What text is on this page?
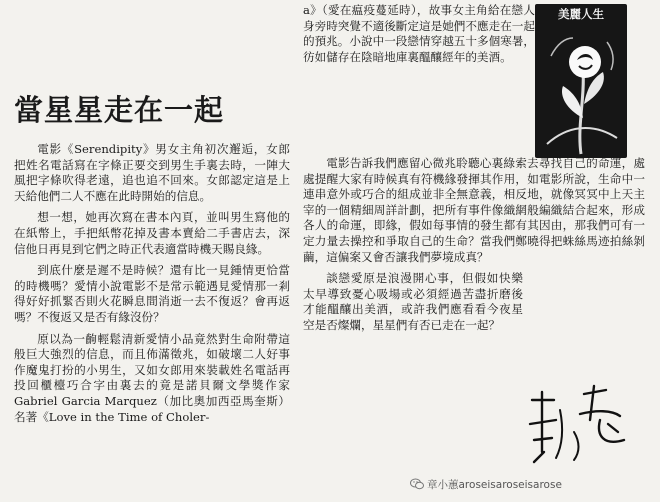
美麗人生
當星星走在一起

電影《Serendipity》男女主角初次邂逅，女郎把姓名電話寫在字條正要交到男生手裏去時，一陣大風把字條吹得老遠，追也追不回來。女郎認定這是上天給他們二人不應在此時開始的信息。

想一想，她再次寫在書本內頁，並叫男生寫他的在紙幣上，手把紙幣花掉及書本賣給二手書店去，深信他日再見到它們之時正代表適當時機天賜良緣。

到底什麼是遲不是時候？還有比一見鍾情更恰當的時機嗎？愛情小說電影不是常示範遇見愛情那一剎得好好抓緊否則火花瞬息間消逝一去不復返？會再返嗎？不復返又是否有緣沒份？

原以為一齣輕鬆清新愛情小品竟然對生命附帶這般巨大強烈的信息，而且佈滿徵兆，如破壞二人好事作魔鬼打扮的小男生，又如女郎用來裝載姓名電話再投回櫃檯巧合字由裏去的竟是諾貝爾文學獎作家 Gabriel Garcia Marquez（加比奧加西亞馬奎斯）名著《Love in the Time of Choler-

a》（愛在瘟疫蔓延時），故事女主角給在戀人身旁時突覺不適後斷定這是她們不應走在一起的預兆。小說中一段戀情穿越五十多個寒暑，彷如儲存在陰暗地庫裏醞釀經年的美酒。

電影告訴我們應留心微兆聆聽心裏綠索去尋找自己的命運，處處提醒大家有時候真有符機緣發揮其作用，如電影所說，生命中一連串意外或巧合的組成並非全無意義，相反地，就像冥冥中上天主宰的一個精細周詳計劃，把所有事件像織網般編織結合起來，形成各人的命運，即緣，假如每事情的發生都有其因由，那我們可有一定力量去操控和爭取自己的生命？當我們鄭曉得把蛛絲馬迹拍絲剝繭，這偏案又會否讓我們夢境成真？

談戀愛原是浪漫開心事，但假如快樂太早導致憂心吸場或必須經過苦盡折磨後才能醞釀出美酒，或許我們應看看今夜星空是否燦爛，星星們有否已走在一起？

章小蕙aroseisaroseisarose
